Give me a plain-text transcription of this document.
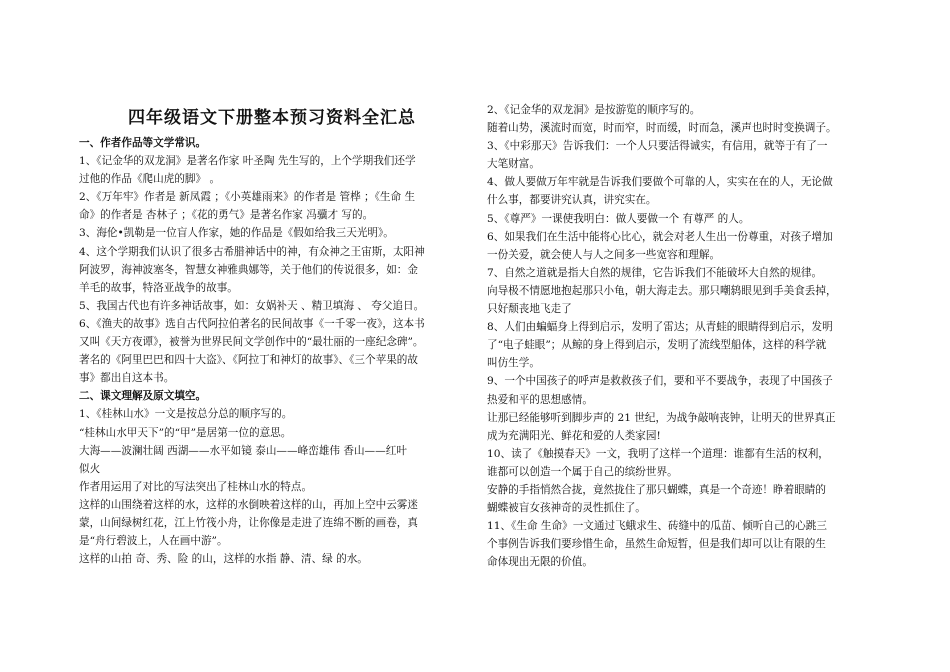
四年级语文下册整本预习资料全汇总
一、作者作品等文学常识。
1、《记金华的双龙洞》是著名作家 叶圣陶 先生写的，上个学期我们还学
过他的作品《爬山虎的脚》 。
2、《万年牢》作者是 新凤霞 ；《小英雄雨来》的作者是 管桦 ；《生命 生
命》的作者是 杏林子 ；《花的勇气》是著名作家 冯骥才 写的。
3、海伦•凯勒是一位盲人作家，她的作品是《假如给我三天光明》。
4、这个学期我们认识了很多古希腊神话中的神，有众神之王宙斯，太阳神
阿波罗，海神波塞冬，智慧女神雅典娜等，关于他们的传说很多，如：金
羊毛的故事，特洛亚战争的故事。
5、我国古代也有许多神话故事，如：女娲补天 、精卫填海 、 夸父追日。
6、《渔夫的故事》选自古代阿拉伯著名的民间故事《一千零一夜》，这本书
又叫《天方夜谭》，被誉为世界民间文学创作中的“最壮丽的一座纪念碑”。
著名的《阿里巴巴和四十大盗》、《阿拉丁和神灯的故事》、《三个苹果的故
事》都出自这本书。
二、课文理解及原文填空。
1、《桂林山水》一文是按总分总的顺序写的。
“桂林山水甲天下”的“甲”是居第一位的意思。
大海——波澜壮阔 西湖——水平如镜 泰山——峰峦雄伟 香山——红叶
似火
作者用运用了对比的写法突出了桂林山水的特点。
这样的山围绕着这样的水，这样的水倒映着这样的山，再加上空中云雾迷
蒙，山间绿树红花，江上竹筏小舟，让你像是走进了连绵不断的画卷，真
是“舟行碧波上，人在画中游”。
这样的山拍 奇、秀、险 的山，这样的水指 静、清、绿 的水。
2、《记金华的双龙洞》是按游览的顺序写的。
随着山势，溪流时而宽，时而窄，时而缓，时而急，溪声也时时变换调子。
3、《中彩那天》告诉我们：一个人只要活得诚实，有信用，就等于有了一
大笔财富。
4、做人要做万年牢就是告诉我们要做个可靠的人，实实在在的人，无论做
什么事，都要讲究认真，讲究实在。
5、《尊严》一课使我明白：做人要做一个 有尊严 的人。
6、如果我们在生活中能将心比心，就会对老人生出一份尊重，对孩子增加
一份关爱，就会使人与人之间多一些宽容和理解。
7、自然之道就是指大自然的规律，它告诉我们不能破坏大自然的规律。
向导极不情愿地抱起那只小龟，朝大海走去。那只嘲鸫眼见到手美食丢掉，
只好颓丧地飞走了
8、人们由蝙蝠身上得到启示，发明了雷达；从青蛙的眼睛得到启示，发明
了“电子蛙眼”；从鲸的身上得到启示，发明了流线型船体，这样的科学就
叫仿生学。
9、一个中国孩子的呼声是救救孩子们，要和平不要战争，表现了中国孩子
热爱和平的思想感情。
让那已经能够听到脚步声的 21 世纪，为战争敲响丧钟，让明天的世界真正
成为充满阳光、鲜花和爱的人类家园!
10、读了《触摸春天》一文，我明了这样一个道理：谁都有生活的权利，
谁都可以创造一个属于自己的缤纷世界。
安静的手指悄然合拢，竟然拢住了那只蝴蝶，真是一个奇迹！睁着眼睛的
蝴蝶被盲女孩神奇的灵性抓住了。
11、《生命 生命》一文通过飞蛾求生、砖缝中的瓜苗、倾听自己的心跳三
个事例告诉我们要珍惜生命，虽然生命短暂，但是我们却可以让有限的生
命体现出无限的价值。
